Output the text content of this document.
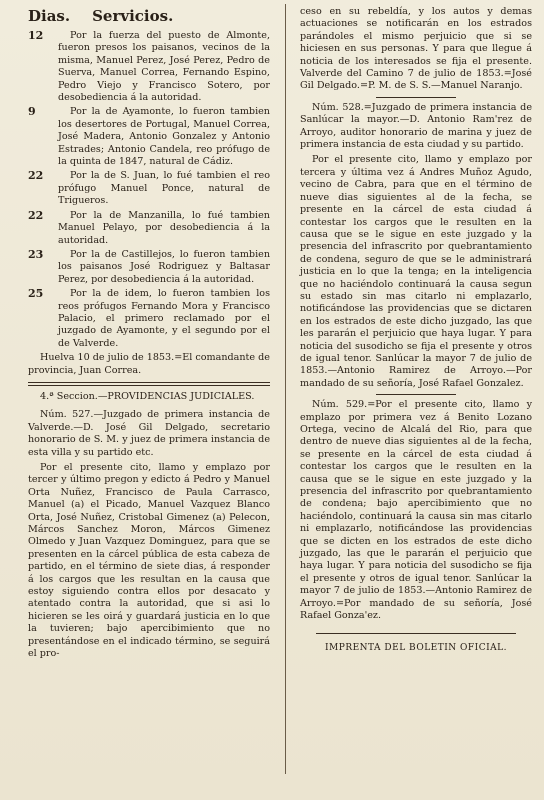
Dias. Servicios.
12	Por la fuerza del puesto de Almonte, fueron presos los paisanos, vecinos de la misma, Manuel Perez, José Perez, Pedro de Suerva, Manuel Correa, Fernando Espino, Pedro Viejo y Francisco Sotero, por desobediencia á la autoridad.

9	Por la de Ayamonte, lo fueron tambien los desertores de Portugal, Manuel Correa, José Madera, Antonio Gonzalez y Antonio Estrades; Antonio Candela, reo prófugo de la quinta de 1847, natural de Cádiz.

22	Por la de S. Juan, lo fué tambien el reo prófugo Manuel Ponce, natural de Trigueros.

22	Por la de Manzanilla, lo fué tambien Manuel Pelayo, por desobediencia á la autoridad.

23	Por la de Castillejos, lo fueron tambien los paisanos José Rodriguez y Baltasar Perez, por desobediencia á la autoridad.

25	Por la de idem, lo fueron tambien los reos prófugos Fernando Mora y Francisco Palacio, el primero reclamado por el juzgado de Ayamonte, y el segundo por el de Valverde.

Huelva 10 de julio de 1853.=El comandante de provincia, Juan Correa.

4.ª Seccion.—PROVIDENCIAS JUDICIALES.

Núm. 527.—Juzgado de primera instancia de Valverde.—D. José Gil Delgado, secretario honorario de S. M. y juez de primera instancia de esta villa y su partido etc.

Por el presente cito, llamo y emplazo por tercer y último pregon y edicto á Pedro y Manuel Orta Nuñez, Francisco de Paula Carrasco, Manuel (a) el Picado, Manuel Vazquez Blanco Orta, José Nuñez, Cristobal Gimenez (a) Pelecon, Márcos Sanchez Moron, Márcos Gimenez Olmedo y Juan Vazquez Dominguez, para que se presenten en la cárcel pública de esta cabeza de partido, en el término de siete dias, á responder á los cargos que les resultan en la causa que estoy siguiendo contra ellos por desacato y atentado contra la autoridad, que si asi lo hicieren se les oirá y guardará justicia en lo que la tuvieren; bajo apercibimiento que no presentándose en el indicado término, se seguirá el pro-

ceso en su rebeldía, y los autos y demas actuaciones se notificarán en los estrados parándoles el mismo perjuicio que si se hiciesen en sus personas. Y para que llegue á noticia de los interesados se fija el presente. Valverde del Camino 7 de julio de 1853.=José Gil Delgado.=P. M. de S. S.—Manuel Naranjo.

Núm. 528.=Juzgado de primera instancia de Sanlúcar la mayor.—D. Antonio Ram'rez de Arroyo, auditor honorario de marina y juez de primera instancia de esta ciudad y su partido.

Por el presente cito, llamo y emplazo por tercera y última vez á Andres Muñoz Agudo, vecino de Cabra, para que en el término de nueve dias siguientes al de la fecha, se presente en la cárcel de esta ciudad á contestar los cargos que le resulten en la causa que se le sigue en este juzgado y la presencia del infrascrito por quebrantamiento de condena, seguro de que se le administrará justicia en lo que la tenga; en la inteligencia que no haciéndolo continuará la causa segun su estado sin mas citarlo ni emplazarlo, notificándose las providencias que se dictaren en los estrados de este dicho juzgado, las que les pararán el perjuicio que haya lugar. Y para noticia del susodicho se fija el presente y otros de igual tenor. Sanlúcar la mayor 7 de julio de 1853.—Antonio Ramirez de Arroyo.—Por mandado de su señoría, José Rafael Gonzalez.

Núm. 529.=Por el presente cito, llamo y emplazo por primera vez á Benito Lozano Ortega, vecino de Alcalá del Rio, para que dentro de nueve dias siguientes al de la fecha, se presente en la cárcel de esta ciudad á contestar los cargos que le resulten en la causa que se le sigue en este juzgado y la presencia del infrascrito por quebrantamiento de condena; bajo apercibimiento que no haciéndolo, continuará la causa sin mas citarlo ni emplazarlo, notificándose las providencias que se dicten en los estrados de este dicho juzgado, las que le pararán el perjuicio que haya lugar. Y para noticia del susodicho se fija el presente y otros de igual tenor. Sanlúcar la mayor 7 de julio de 1853.—Antonio Ramirez de Arroyo.=Por mandado de su señoría, José Rafael Gonza'ez.

IMPRENTA DEL BOLETIN OFICIAL.
